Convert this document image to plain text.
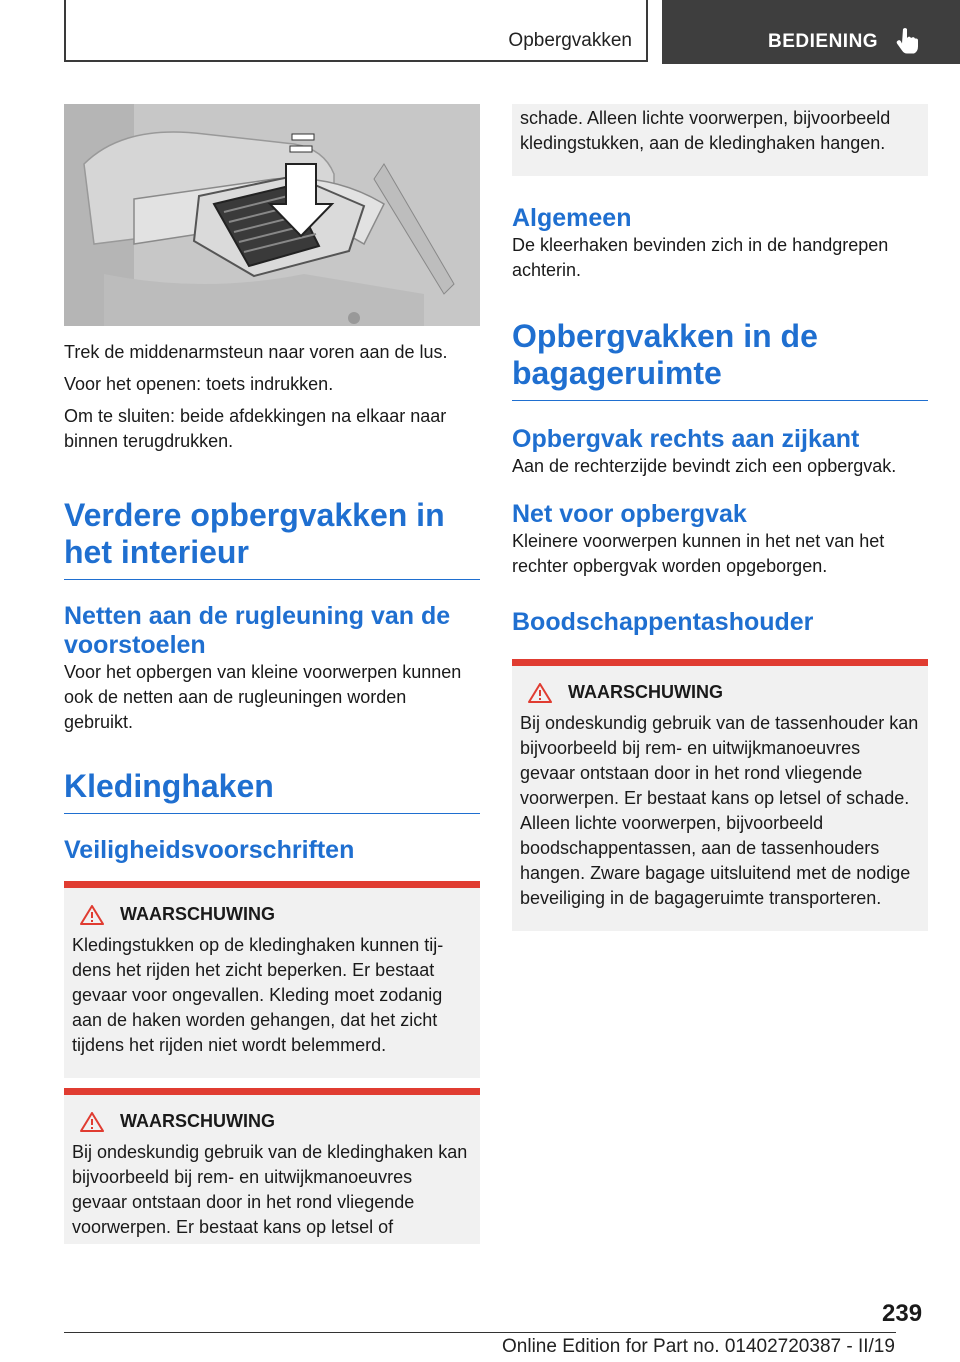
Opbergvakken	BEDIENING

Trek de middenarmsteun naar voren aan de lus.

Voor het openen: toets indrukken.

Om te sluiten: beide afdekkingen na elkaar naar binnen terugdrukken.

Verdere opbergvakken in het interieur
Netten aan de rugleuning van de voorstoelen

Voor het opbergen van kleine voorwerpen kunnen ook de netten aan de rugleuningen worden gebruikt.

Kledinghaken
Veiligheidsvoorschriften
WAARSCHUWING
Kledingstukken op de kledinghaken kunnen tijdens het rijden het zicht beperken. Er bestaat gevaar voor ongevallen. Kleding moet zodanig aan de haken worden gehangen, dat het zicht tijdens het rijden niet wordt belemmerd.
WAARSCHUWING
Bij ondeskundig gebruik van de kledinghaken kan bijvoorbeeld bij rem- en uitwijkmanoeuvres gevaar ontstaan door in het rond vliegende voorwerpen. Er bestaat kans op letsel of
schade. Alleen lichte voorwerpen, bijvoorbeeld kledingstukken, aan de kledinghaken hangen.
Algemeen

De kleerhaken bevinden zich in de handgrepen achterin.

Opbergvakken in de bagageruimte
Opbergvak rechts aan zijkant

Aan de rechterzijde bevindt zich een opbergvak.

Net voor opbergvak

Kleinere voorwerpen kunnen in het net van het rechter opbergvak worden opgeborgen.

Boodschappentashouder
WAARSCHUWING
Bij ondeskundig gebruik van de tassenhouder kan bijvoorbeeld bij rem- en uitwijkmanoeuvres gevaar ontstaan door in het rond vliegende voorwerpen. Er bestaat kans op letsel of schade. Alleen lichte voorwerpen, bijvoorbeeld boodschappentassen, aan de tassenhouders hangen. Zware bagage uitsluitend met de nodige beveiliging in de bagageruimte transporteren.
239
Online Edition for Part no. 01402720387 - II/19
